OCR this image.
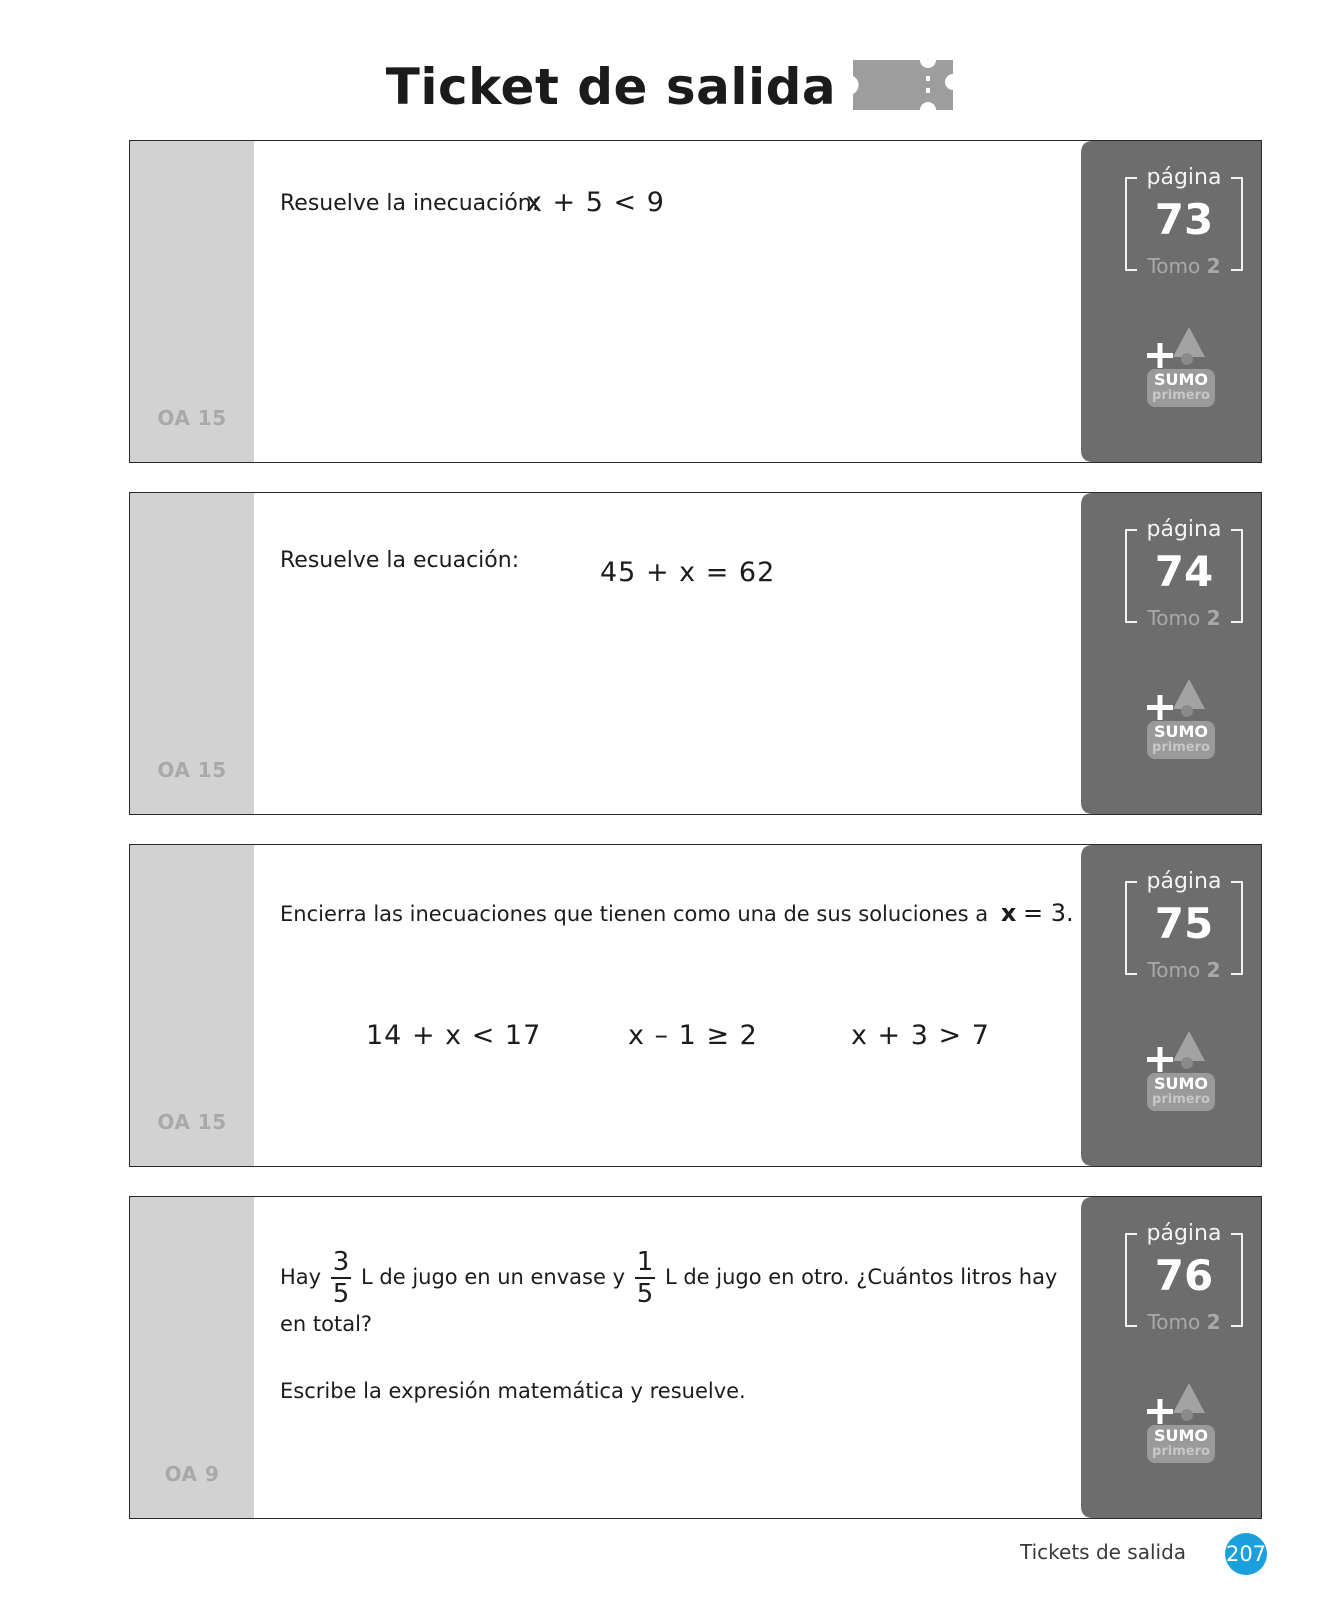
Ticket de salida
OA 15
página
73
Tomo 2
SUMO
primero
Resuelve la inecuación:
x + 5 < 9
OA 15
página
74
Tomo 2
SUMO
primero
Resuelve la ecuación:	45 + x = 62
OA 15
página
75
Tomo 2
SUMO
primero
Encierra las inecuaciones que tienen como una de sus soluciones a x = 3.
14 + x < 17	x – 1 ≥ 2	x + 3 > 7
OA 9
página
76
Tomo 2
SUMO
primero
Hay $\frac{3}{5}$ L de jugo en un envase y $\frac{1}{5}$ L de jugo en otro. ¿Cuántos litros hay
en total?
Escribe la expresión matemática y resuelve.
Tickets de salida 207
